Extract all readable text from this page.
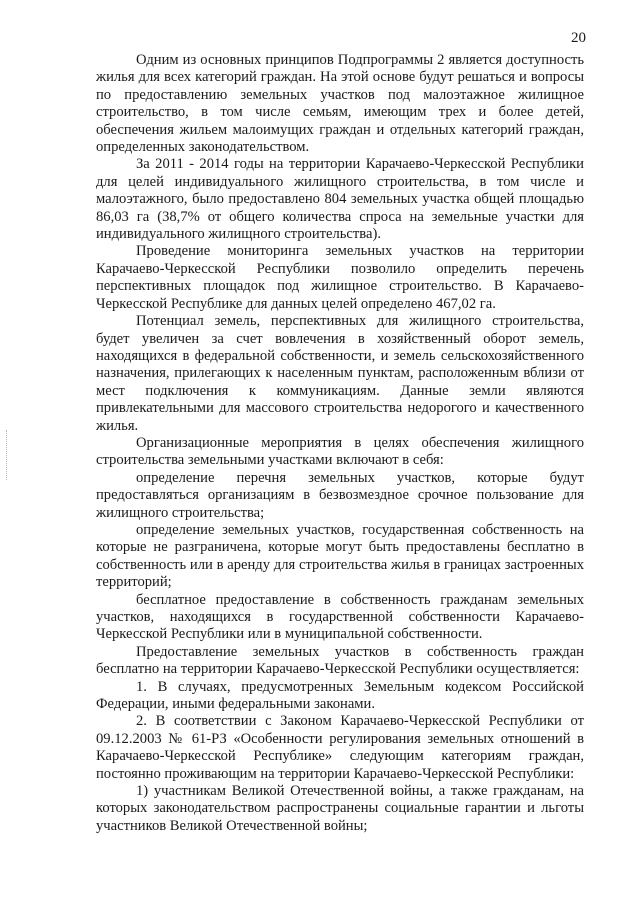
20

Одним из основных принципов Подпрограммы 2 является доступность жилья для всех категорий граждан. На этой основе будут решаться и вопросы по предоставлению земельных участков под малоэтажное жилищное строительство, в том числе семьям, имеющим трех и более детей, обеспечения жильем малоимущих граждан и отдельных категорий граждан, определенных законодательством.

За 2011 - 2014 годы на территории Карачаево-Черкесской Республики для целей индивидуального жилищного строительства, в том числе и малоэтажного, было предоставлено 804 земельных участка общей площадью 86,03 га (38,7% от общего количества спроса на земельные участки для индивидуального жилищного строительства).

Проведение мониторинга земельных участков на территории Карачаево-Черкесской Республики позволило определить перечень перспективных площадок под жилищное строительство. В Карачаево-Черкесской Республике для данных целей определено 467,02 га.

Потенциал земель, перспективных для жилищного строительства, будет увеличен за счет вовлечения в хозяйственный оборот земель, находящихся в федеральной собственности, и земель сельскохозяйственного назначения, прилегающих к населенным пунктам, расположенным вблизи от мест подключения к коммуникациям. Данные земли являются привлекательными для массового строительства недорогого и качественного жилья.

Организационные мероприятия в целях обеспечения жилищного строительства земельными участками включают в себя:

определение перечня земельных участков, которые будут предоставляться организациям в безвозмездное срочное пользование для жилищного строительства;

определение земельных участков, государственная собственность на которые не разграничена, которые могут быть предоставлены бесплатно в собственность или в аренду для строительства жилья в границах застроенных территорий;

бесплатное предоставление в собственность гражданам земельных участков, находящихся в государственной собственности Карачаево-Черкесской Республики или в муниципальной собственности.

Предоставление земельных участков в собственность граждан бесплатно на территории Карачаево-Черкесской Республики осуществляется:

1. В случаях, предусмотренных Земельным кодексом Российской Федерации, иными федеральными законами.

2. В соответствии с Законом Карачаево-Черкесской Республики от 09.12.2003 № 61-РЗ «Особенности регулирования земельных отношений в Карачаево-Черкесской Республике» следующим категориям граждан, постоянно проживающим на территории Карачаево-Черкесской Республики:

1) участникам Великой Отечественной войны, а также гражданам, на которых законодательством распространены социальные гарантии и льготы участников Великой Отечественной войны;
